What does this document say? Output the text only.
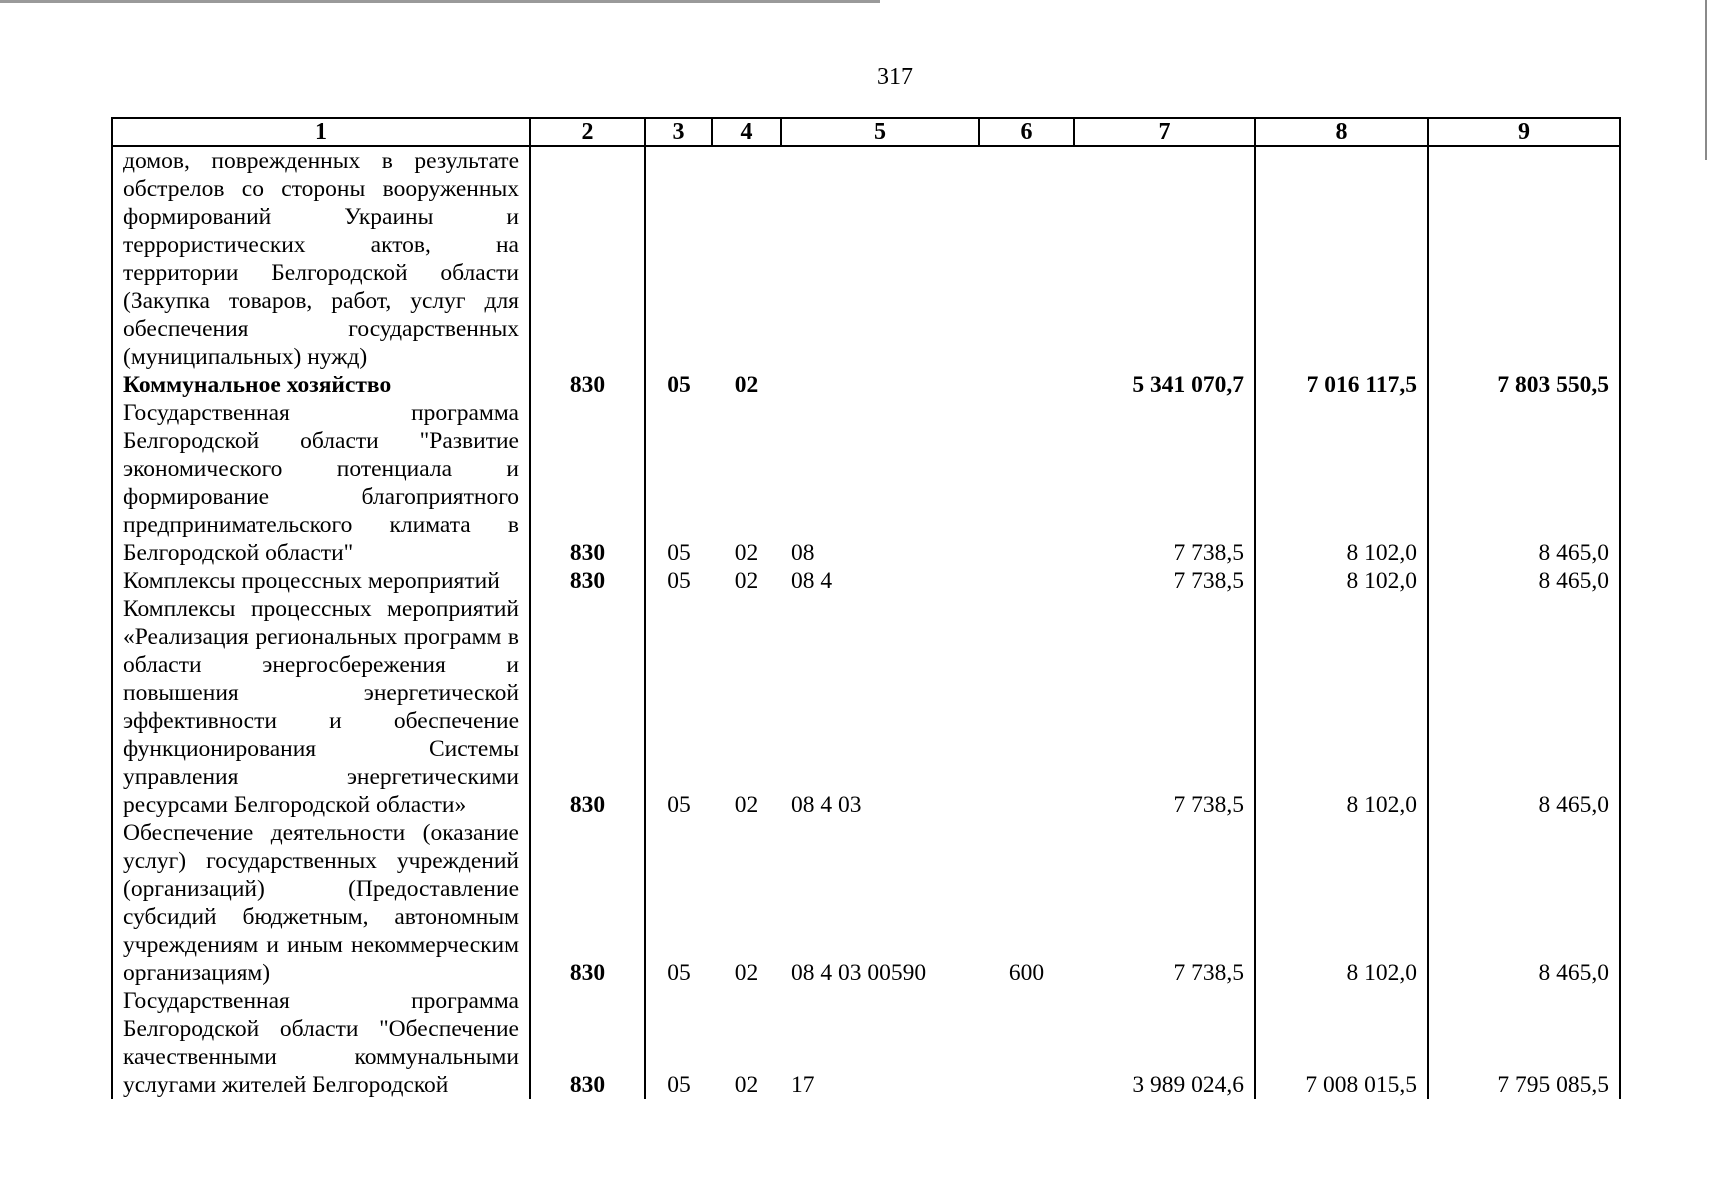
317
1	2	3	4	5	6	7	8	9
домов, поврежденных в результате обстрелов со стороны вооруженных формирований Украины и террористических актов, на территории Белгородской области (Закупка товаров, работ, услуг для обеспечения государственных (муниципальных) нужд)								
Коммунальное хозяйство	830	05	02			5 341 070,7	7 016 117,5	7 803 550,5
Государственная программа Белгородской области "Развитие экономического потенциала и формирование благоприятного предпринимательского климата в Белгородской области"	830	05	02	08		7 738,5	8 102,0	8 465,0
Комплексы процессных мероприятий	830	05	02	08 4		7 738,5	8 102,0	8 465,0
Комплексы процессных мероприятий «Реализация региональных программ в области энергосбережения и повышения энергетической эффективности и обеспечение функционирования Системы управления энергетическими ресурсами Белгородской области»	830	05	02	08 4 03		7 738,5	8 102,0	8 465,0
Обеспечение деятельности (оказание услуг) государственных учреждений (организаций) (Предоставление субсидий бюджетным, автономным учреждениям и иным некоммерческим организациям)	830	05	02	08 4 03 00590	600	7 738,5	8 102,0	8 465,0
Государственная программа Белгородской области "Обеспечение качественными коммунальными услугами жителей Белгородской	830	05	02	17		3 989 024,6	7 008 015,5	7 795 085,5
